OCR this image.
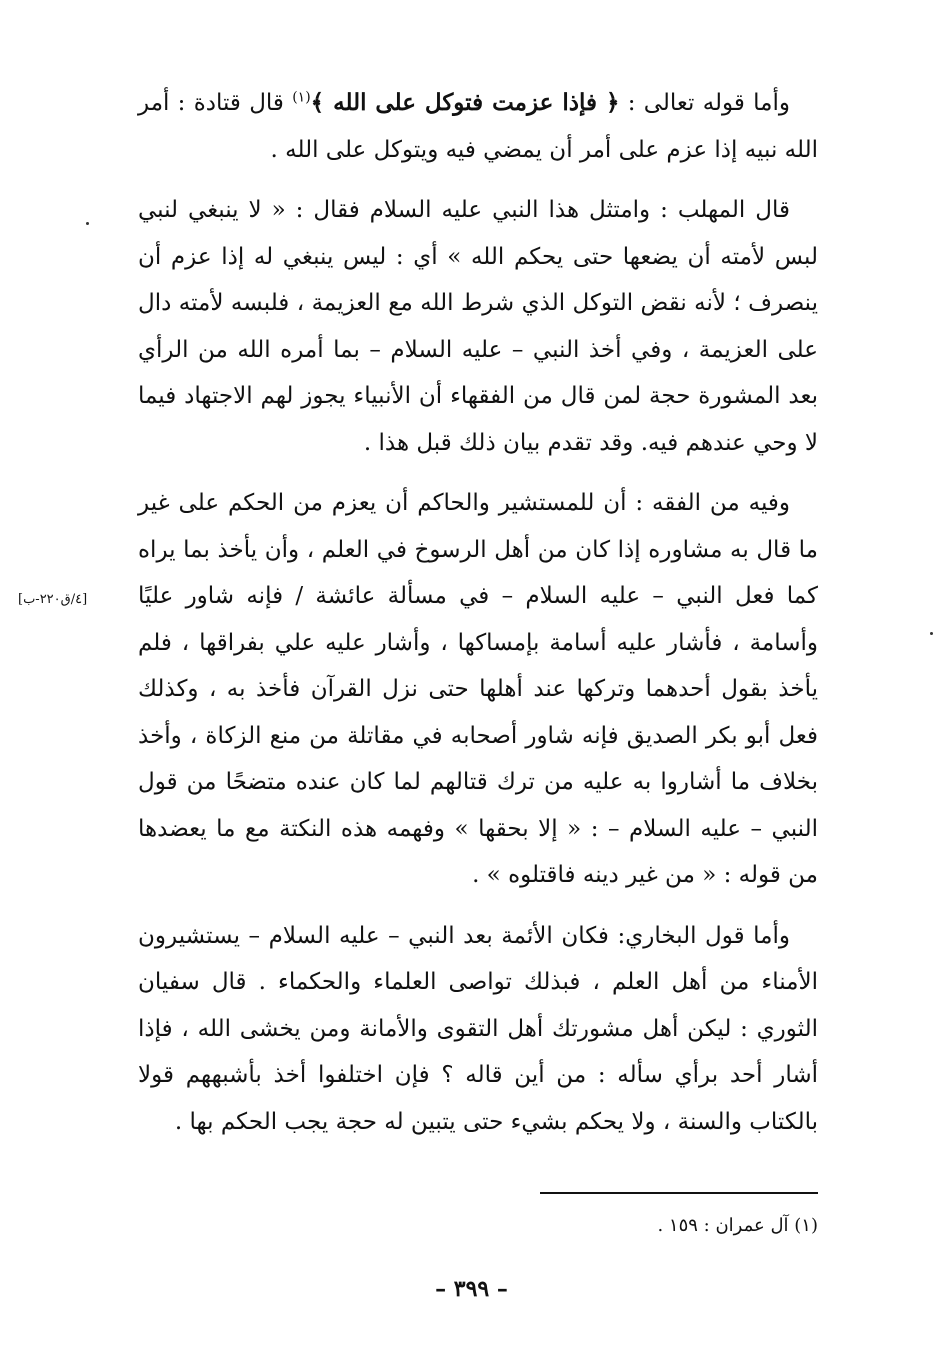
وأما قوله تعالى : ﴿ فإذا عزمت فتوكل على الله ﴾$^{(١)}$ قال قتادة : أمر الله نبيه إذا عزم على أمر أن يمضي فيه ويتوكل على الله .

قال المهلب : وامتثل هذا النبي عليه السلام فقال : « لا ينبغي لنبي لبس لأمته أن يضعها حتى يحكم الله » أي : ليس ينبغي له إذا عزم أن ينصرف ؛ لأنه نقض التوكل الذي شرط الله مع العزيمة ، فلبسه لأمته دال على العزيمة ، وفي أخذ النبي – عليه السلام – بما أمره الله من الرأي بعد المشورة حجة لمن قال من الفقهاء أن الأنبياء يجوز لهم الاجتهاد فيما لا وحي عندهم فيه. وقد تقدم بيان ذلك قبل هذا .

وفيه من الفقه : أن للمستشير والحاكم أن يعزم من الحكم على غير ما قال به مشاوره إذا كان من أهل الرسوخ في العلم ، وأن يأخذ بما يراه كما فعل النبي – عليه السلام – في مسألة عائشة / فإنه شاور عليًا وأسامة ، فأشار عليه أسامة بإمساكها ، وأشار عليه علي بفراقها ، فلم يأخذ بقول أحدهما وتركها عند أهلها حتى نزل القرآن فأخذ به ، وكذلك فعل أبو بكر الصديق فإنه شاور أصحابه في مقاتلة من منع الزكاة ، وأخذ بخلاف ما أشاروا به عليه من ترك قتالهم لما كان عنده متضحًا من قول النبي – عليه السلام – : « إلا بحقها » وفهمه هذه النكتة مع ما يعضدها من قوله : « من غير دينه فاقتلوه » .

وأما قول البخاري: فكان الأئمة بعد النبي – عليه السلام – يستشيرون الأمناء من أهل العلم ، فبذلك تواصى العلماء والحكماء . قال سفيان الثوري : ليكن أهل مشورتك أهل التقوى والأمانة ومن يخشى الله ، فإذا أشار أحد برأي سأله : من أين قاله ؟ فإن اختلفوا أخذ بأشبههم قولا بالكتاب والسنة ، ولا يحكم بشيء حتى يتبين له حجة يجب الحكم بها .

[٤/ق٢٢٠-ب]
(١) آل عمران : ١٥٩ .
– ٣٩٩ –
